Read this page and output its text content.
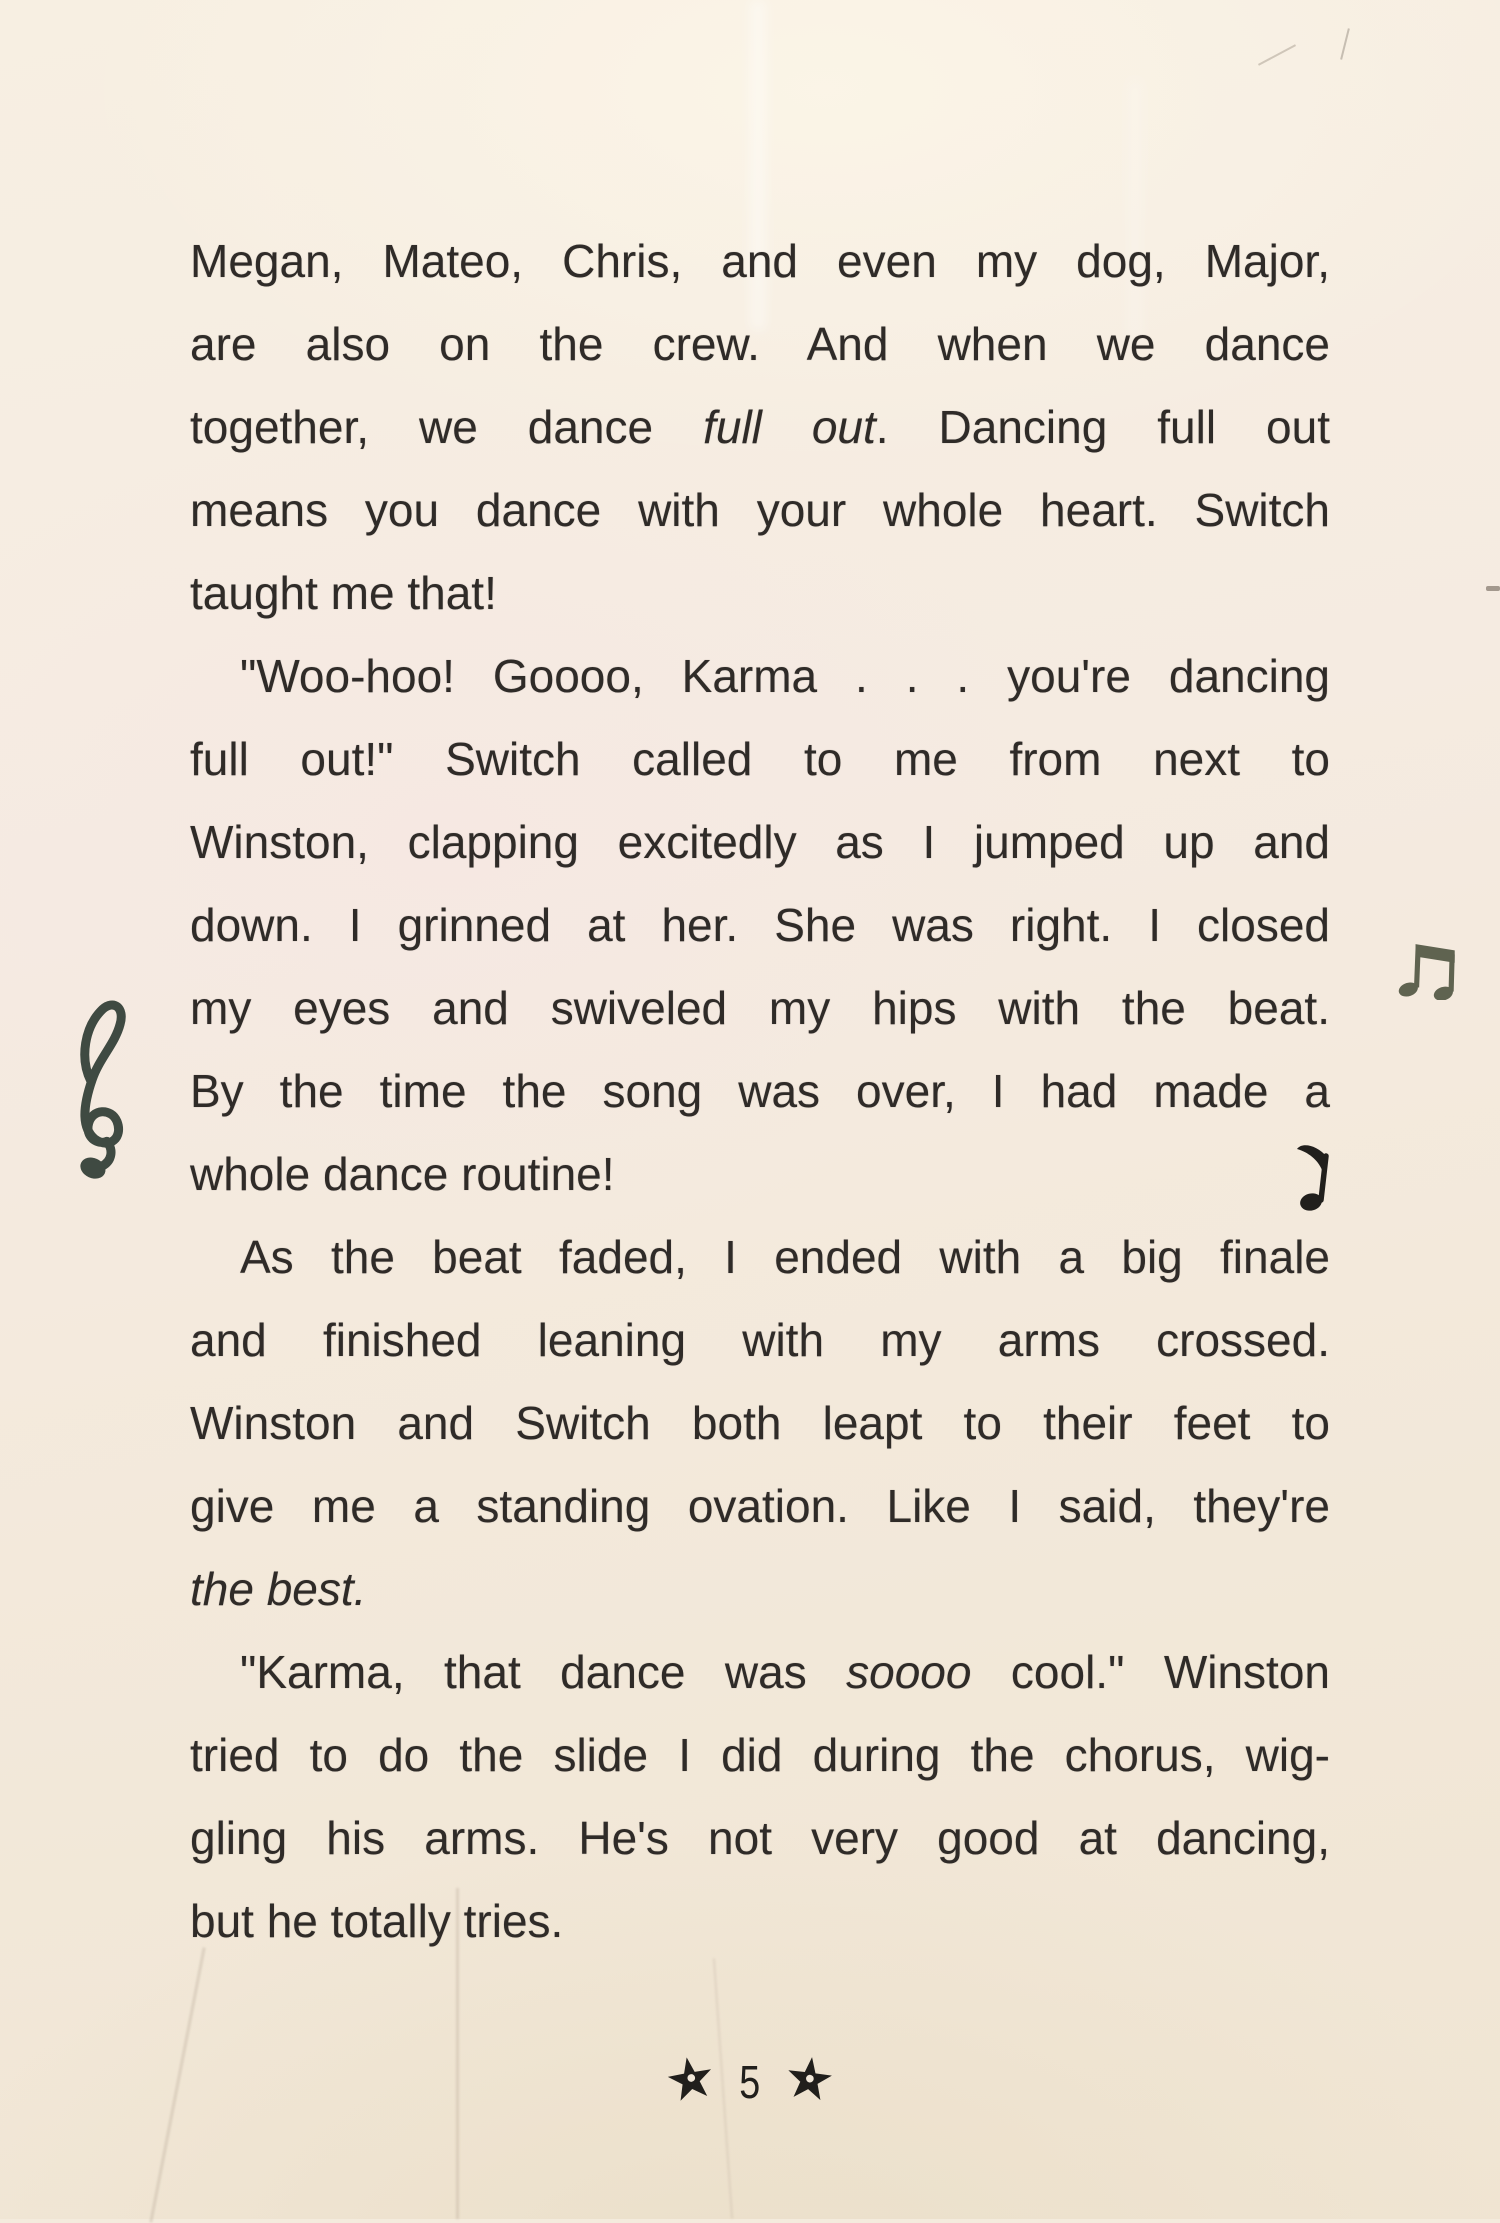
Megan, Mateo, Chris, and even my dog, Major,
are also on the crew. And when we dance
together, we dance full out. Dancing full out
means you dance with your whole heart. Switch
taught me that!
"Woo-hoo! Goooo, Karma . . . you're dancing
full out!" Switch called to me from next to
Winston, clapping excitedly as I jumped up and
down. I grinned at her. She was right. I closed
my eyes and swiveled my hips with the beat.
By the time the song was over, I had made a
whole dance routine!
As the beat faded, I ended with a big finale
and finished leaning with my arms crossed.
Winston and Switch both leapt to their feet to
give me a standing ovation. Like I said, they're
the best.
"Karma, that dance was soooo cool." Winston
tried to do the slide I did during the chorus, wig-
gling his arms. He's not very good at dancing,
but he totally tries.
5
